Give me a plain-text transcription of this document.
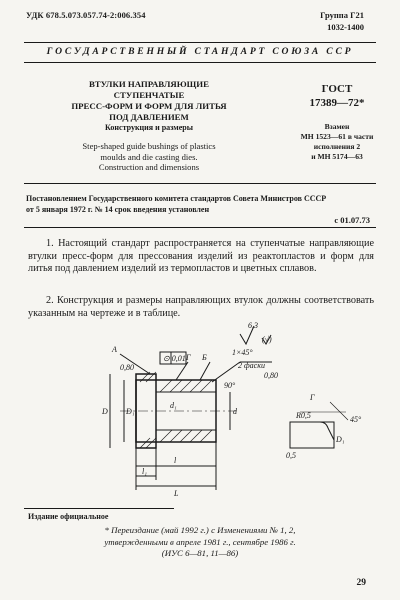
УДК 678.5.073.057.74-2:006.354	Группа Г21
1032-1400
ГОСУДАРСТВЕННЫЙ СТАНДАРТ СОЮЗА ССР
ВТУЛКИ НАПРАВЛЯЮЩИЕ СТУПЕНЧАТЫЕ
ПРЕСС-ФОРМ И ФОРМ ДЛЯ ЛИТЬЯ
ПОД ДАВЛЕНИЕМ
Конструкция и размеры
Step-shaped guide bushings of plastics
moulds and die casting dies.
Construction and dimensions
ГОСТ
17389—72*
Взамен
МН 1523—61 в части
исполнения 2
и МН 5174—63
Постановлением Государственного комитета стандартов Совета Министров СССР
от 5 января 1972 г. № 14 срок введения установлен
с 01.07.73
1. Настоящий стандарт распространяется на ступенчатые направляющие втулки пресс-форм для прессования изделий из реактопластов и форм для литья под давлением изделий из термопластов и цветных сплавов.
2. Конструкция и размеры направляющих втулок должны соответствовать указанным на чертеже и в таблице.
6,3
(√)
A
⊙ 0,01 Г Б
1×45°
2 фаски
0,80
0,80
90°
D D₁	d
d₁
l
l₁
L
Г
R0,5	45°
D₁
0,5
Издание официальное
* Переиздание (май 1992 г.) с Изменениями № 1, 2,
утвержденными в апреле 1981 г., сентябре 1986 г.
(ИУС 6—81, 11—86)
29
